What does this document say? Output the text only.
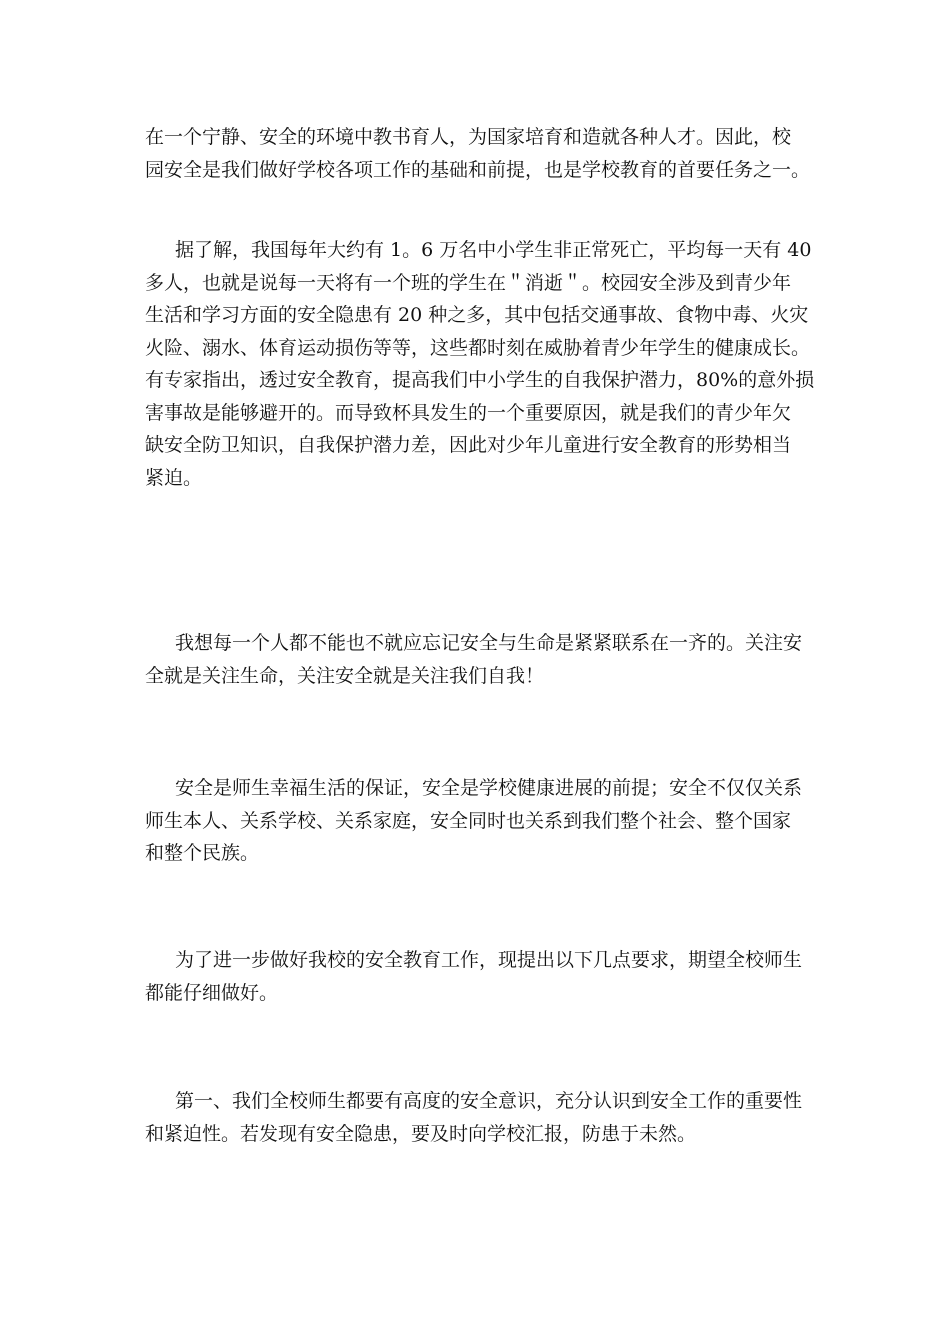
在一个宁静、安全的环境中教书育人，为国家培育和造就各种人才。因此，校
园安全是我们做好学校各项工作的基础和前提，也是学校教育的首要任务之一。

据了解，我国每年大约有 1。6 万名中小学生非正常死亡，平均每一天有 40
多人，也就是说每一天将有一个班的学生在＂消逝＂。校园安全涉及到青少年
生活和学习方面的安全隐患有 20 种之多，其中包括交通事故、食物中毒、火灾
火险、溺水、体育运动损伤等等，这些都时刻在威胁着青少年学生的健康成长。
有专家指出，透过安全教育，提高我们中小学生的自我保护潜力，80%的意外损
害事故是能够避开的。而导致杯具发生的一个重要原因，就是我们的青少年欠
缺安全防卫知识，自我保护潜力差，因此对少年儿童进行安全教育的形势相当
紧迫。

我想每一个人都不能也不就应忘记安全与生命是紧紧联系在一齐的。关注安
全就是关注生命，关注安全就是关注我们自我！

安全是师生幸福生活的保证，安全是学校健康进展的前提；安全不仅仅关系
师生本人、关系学校、关系家庭，安全同时也关系到我们整个社会、整个国家
和整个民族。

为了进一步做好我校的安全教育工作，现提出以下几点要求，期望全校师生
都能仔细做好。

第一、我们全校师生都要有高度的安全意识，充分认识到安全工作的重要性
和紧迫性。若发现有安全隐患，要及时向学校汇报，防患于未然。
